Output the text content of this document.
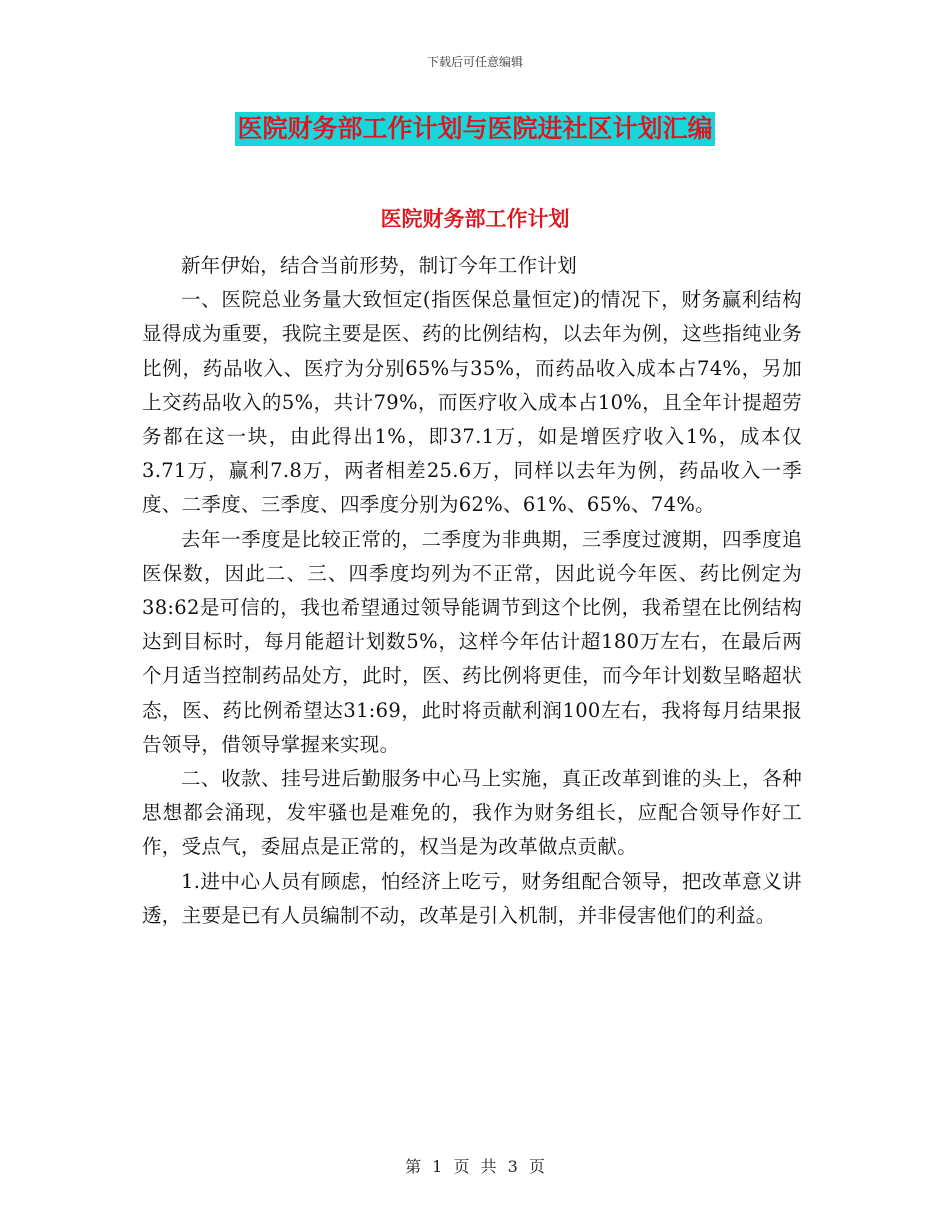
下载后可任意编辑
医院财务部工作计划与医院进社区计划汇编
医院财务部工作计划

新年伊始，结合当前形势，制订今年工作计划

一、医院总业务量大致恒定(指医保总量恒定)的情况下，财务赢利结构显得成为重要，我院主要是医、药的比例结构，以去年为例，这些指纯业务比例，药品收入、医疗为分别65%与35%，而药品收入成本占74%，另加上交药品收入的5%，共计79%，而医疗收入成本占10%，且全年计提超劳务都在这一块，由此得出1%，即37.1万，如是增医疗收入1%，成本仅3.71万，赢利7.8万，两者相差25.6万，同样以去年为例，药品收入一季度、二季度、三季度、四季度分别为62%、61%、65%、74%。

去年一季度是比较正常的，二季度为非典期，三季度过渡期，四季度追医保数，因此二、三、四季度均列为不正常，因此说今年医、药比例定为38:62是可信的，我也希望通过领导能调节到这个比例，我希望在比例结构达到目标时，每月能超计划数5%，这样今年估计超180万左右，在最后两个月适当控制药品处方，此时，医、药比例将更佳，而今年计划数呈略超状态，医、药比例希望达31:69，此时将贡献利润100左右，我将每月结果报告领导，借领导掌握来实现。

二、收款、挂号进后勤服务中心马上实施，真正改革到谁的头上，各种思想都会涌现，发牢骚也是难免的，我作为财务组长，应配合领导作好工作，受点气，委屈点是正常的，权当是为改革做点贡献。

1.进中心人员有顾虑，怕经济上吃亏，财务组配合领导，把改革意义讲透，主要是已有人员编制不动，改革是引入机制，并非侵害他们的利益。

第 1 页 共 3 页
